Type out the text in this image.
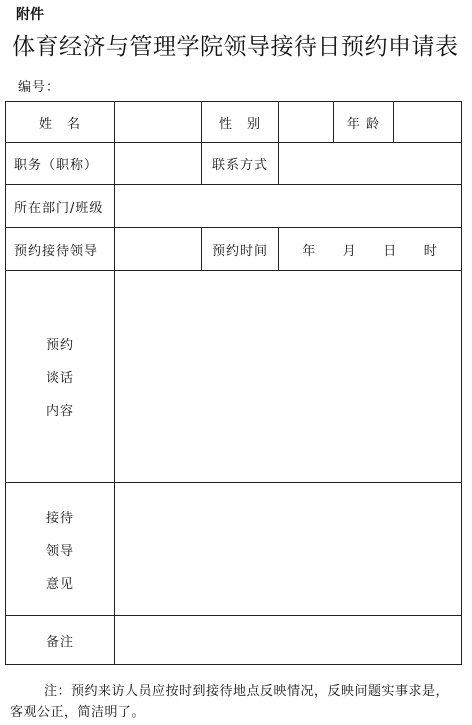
附件
体育经济与管理学院领导接待日预约申请表
编号：
姓　名		性　别		年 龄	
职务（职称）		联系方式			
所在部门/班级					
预约接待领导		预约时间	年 月 日 时		

预约
谈话
内容					

接待
领导
意见					

备注					
注：预约来访人员应按时到接待地点反映情况，反映问题实事求是，客观公正，简洁明了。
